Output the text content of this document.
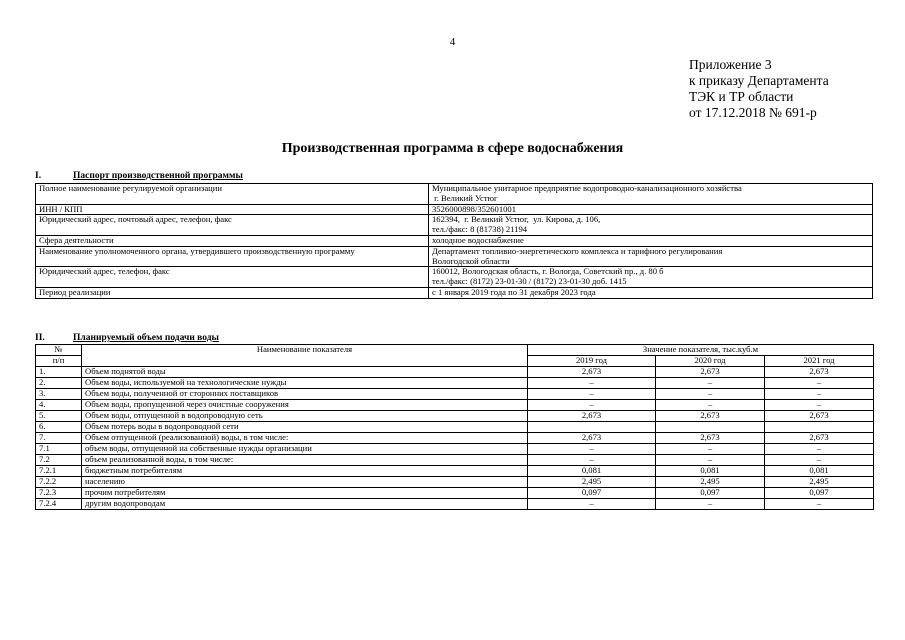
4
Приложение 3
к приказу Департамента
ТЭК и ТР области
от 17.12.2018 № 691-р
Производственная программа в сфере водоснабжения
I.	Паспорт производственной программы
Полное наименование регулируемой организации	Муниципальное унитарное предприятие водопроводно-канализационного хозяйства
г. Великий Устюг

ИНН / КПП	3526000898/352601001

Юридический адрес, почтовый адрес, телефон, факс	162394,  г. Великий Устюг,  ул. Кирова, д. 106,
тел./факс: 8 (81738) 21194

Сфера деятельности	холодное водоснабжение

Наименование уполномоченного органа, утвердившего производственную программу	Департамент топливно-энергетического комплекса и тарифного регулирования
Вологодской области

Юридический адрес, телефон, факс	160012, Вологодская область, г. Вологда, Советский пр., д. 80 б
тел./факс: (8172) 23-01-30 / (8172) 23-01-30 доб. 1415

Период реализации	с 1 января 2019 года по 31 декабря 2023 года
II.	Планируемый объем подачи воды
№	Наименование показателя	Значение показателя, тыс.куб.м		
п/п		2019 год	2020 год	2021 год
1.	Объем поднятой воды	2,673	2,673	2,673
2.	Объем воды, используемой на технологические нужды	–	–	–
3.	Объем воды, полученной от сторонних поставщиков	–	–	–
4.	Объем воды, пропущенной через очистные сооружения	–	–	–
5.	Объем воды, отпущенной в водопроводную сеть	2,673	2,673	2,673
6.	Объем потерь воды в водопроводной сети			
7.	Объем отпущенной (реализованной) воды, в том числе:	2,673	2,673	2,673
7.1	объем воды, отпущенной на собственные нужды организации	–	–	–
7.2	объем реализованной воды, в том числе:	–	–	–
7.2.1	бюджетным потребителям	0,081	0,081	0,081
7.2.2	населению	2,495	2,495	2,495
7.2.3	прочим потребителям	0,097	0,097	0,097
7.2.4	другим водопроводам	–	–	–
